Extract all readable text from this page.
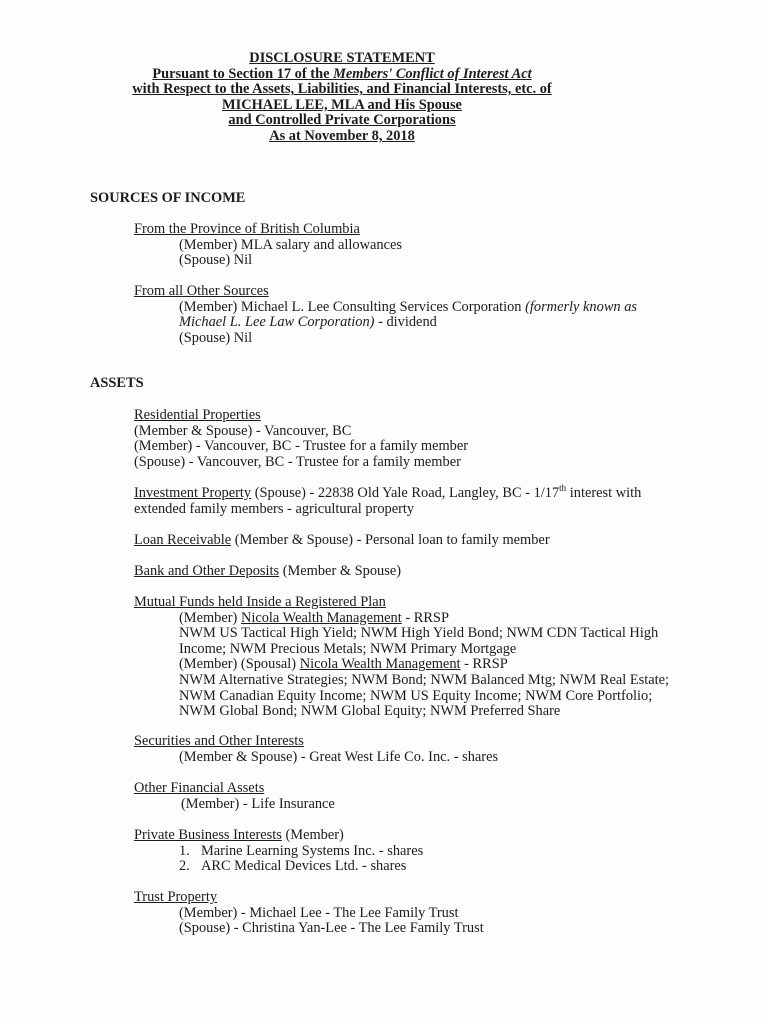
DISCLOSURE STATEMENT
Pursuant to Section 17 of the Members' Conflict of Interest Act
with Respect to the Assets, Liabilities, and Financial Interests, etc. of
MICHAEL LEE, MLA and His Spouse
and Controlled Private Corporations
As at November 8, 2018
SOURCES OF INCOME
From the Province of British Columbia
(Member) MLA salary and allowances
(Spouse) Nil
From all Other Sources
(Member) Michael L. Lee Consulting Services Corporation (formerly known as
Michael L. Lee Law Corporation) - dividend
(Spouse) Nil
ASSETS
Residential Properties
(Member & Spouse) - Vancouver, BC
(Member) - Vancouver, BC - Trustee for a family member
(Spouse) - Vancouver, BC - Trustee for a family member
Investment Property (Spouse) - 22838 Old Yale Road, Langley, BC - 1/17th interest with
extended family members - agricultural property
Loan Receivable (Member & Spouse) - Personal loan to family member
Bank and Other Deposits (Member & Spouse)
Mutual Funds held Inside a Registered Plan
(Member) Nicola Wealth Management - RRSP
NWM US Tactical High Yield; NWM High Yield Bond; NWM CDN Tactical High
Income; NWM Precious Metals; NWM Primary Mortgage
(Member) (Spousal) Nicola Wealth Management - RRSP
NWM Alternative Strategies; NWM Bond; NWM Balanced Mtg; NWM Real Estate;
NWM Canadian Equity Income; NWM US Equity Income; NWM Core Portfolio;
NWM Global Bond; NWM Global Equity; NWM Preferred Share
Securities and Other Interests
(Member & Spouse) - Great West Life Co. Inc. - shares
Other Financial Assets
(Member) - Life Insurance
Private Business Interests (Member)
1. Marine Learning Systems Inc. - shares
2. ARC Medical Devices Ltd. - shares
Trust Property
(Member) - Michael Lee - The Lee Family Trust
(Spouse) - Christina Yan-Lee - The Lee Family Trust
